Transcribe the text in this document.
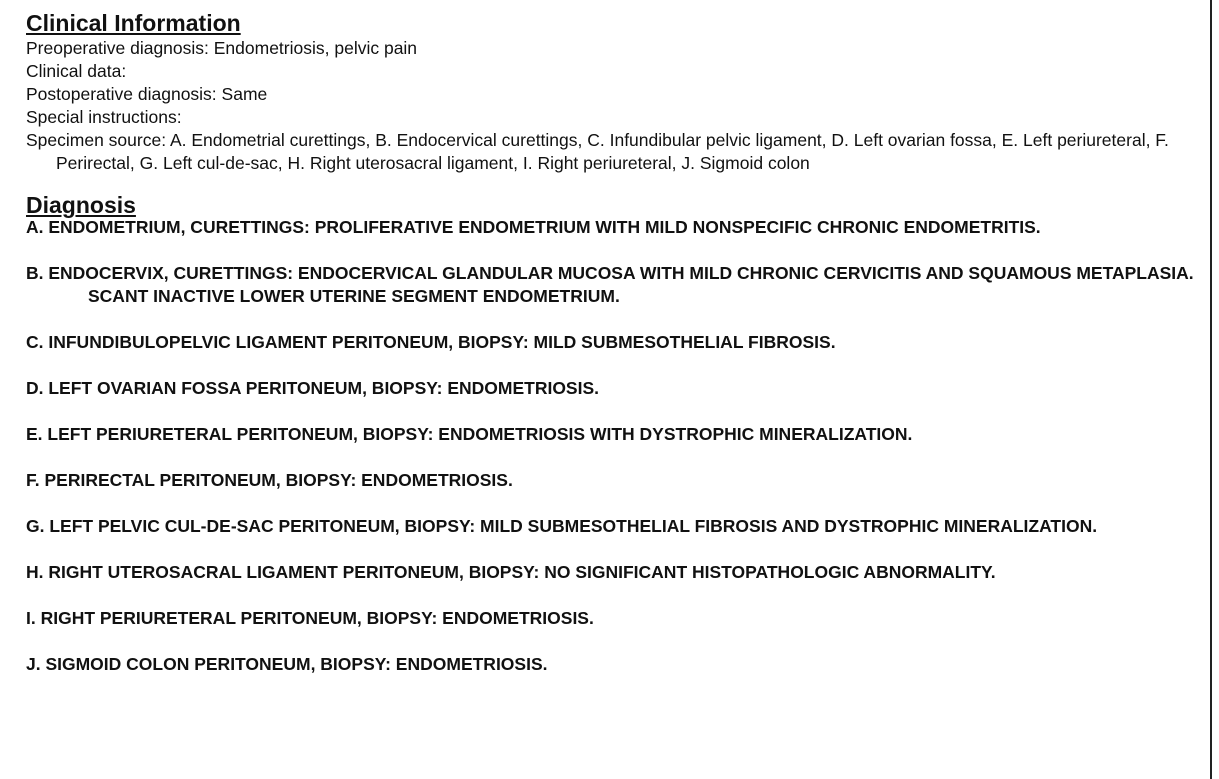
Clinical Information

Preoperative diagnosis: Endometriosis, pelvic pain

Clinical data:

Postoperative diagnosis: Same

Special instructions:

Specimen source: A. Endometrial curettings, B. Endocervical curettings, C. Infundibular pelvic ligament, D. Left ovarian fossa, E. Left periureteral, F. Perirectal, G. Left cul-de-sac, H. Right uterosacral ligament, I. Right periureteral, J. Sigmoid colon

Diagnosis
A. ENDOMETRIUM, CURETTINGS: PROLIFERATIVE ENDOMETRIUM WITH MILD NONSPECIFIC CHRONIC ENDOMETRITIS.
B. ENDOCERVIX, CURETTINGS: ENDOCERVICAL GLANDULAR MUCOSA WITH MILD CHRONIC CERVICITIS AND SQUAMOUS METAPLASIA. SCANT INACTIVE LOWER UTERINE SEGMENT ENDOMETRIUM.
C. INFUNDIBULOPELVIC LIGAMENT PERITONEUM, BIOPSY: MILD SUBMESOTHELIAL FIBROSIS.
D. LEFT OVARIAN FOSSA PERITONEUM, BIOPSY: ENDOMETRIOSIS.
E. LEFT PERIURETERAL PERITONEUM, BIOPSY: ENDOMETRIOSIS WITH DYSTROPHIC MINERALIZATION.
F. PERIRECTAL PERITONEUM, BIOPSY: ENDOMETRIOSIS.
G. LEFT PELVIC CUL-DE-SAC PERITONEUM, BIOPSY: MILD SUBMESOTHELIAL FIBROSIS AND DYSTROPHIC MINERALIZATION.
H. RIGHT UTEROSACRAL LIGAMENT PERITONEUM, BIOPSY: NO SIGNIFICANT HISTOPATHOLOGIC ABNORMALITY.
I. RIGHT PERIURETERAL PERITONEUM, BIOPSY: ENDOMETRIOSIS.
J. SIGMOID COLON PERITONEUM, BIOPSY: ENDOMETRIOSIS.
